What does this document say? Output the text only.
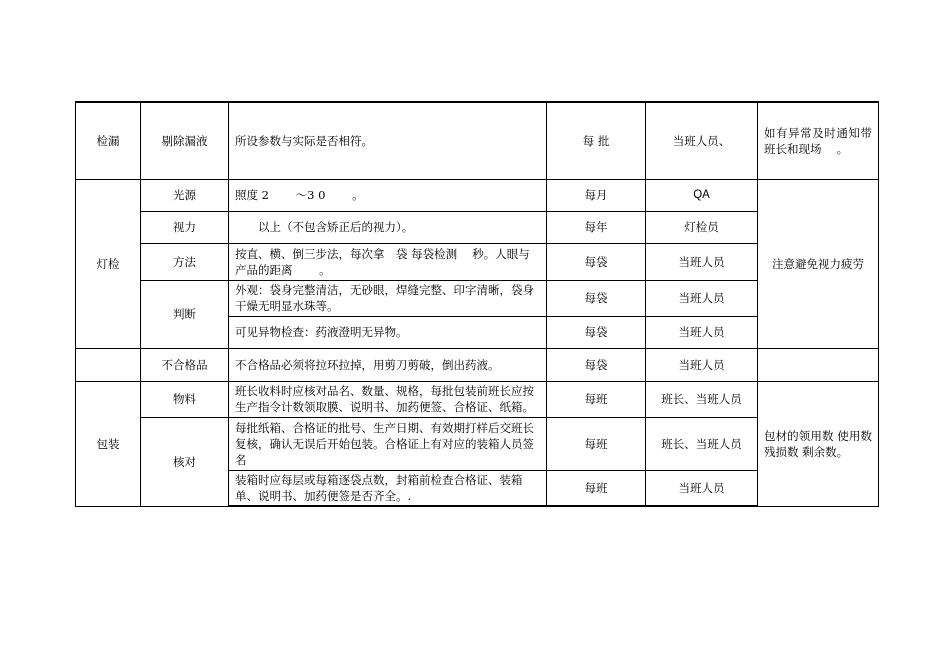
检漏	剔除漏液	所设参数与实际是否相符。	每 批	当班人员、	如有异常及时通知带班长和现场　 。
灯检	光源	照度 2　　 ～3 0　　 。	每月	QA	注意避免视力疲劳
	视力	　　以上（不包含矫正后的视力）。	每年	灯检员	
	方法	按直、横、倒三步法，每次拿　袋 每袋检测　 秒。人眼与产品的距离　　 。	每袋	当班人员	
	判断	外观：袋身完整清洁，无砂眼，焊缝完整、印字清晰，袋身干燥无明显水珠等。	每袋	当班人员	
		可见异物检查：药液澄明无异物。	每袋	当班人员	
	不合格品	不合格品必须将拉环拉掉，用剪刀剪破，倒出药液。	每袋	当班人员	
包装	物料	班长收料时应核对品名、数量、规格，每批包装前班长应按生产指令计数领取膜、说明书、加药便签、合格证、纸箱。	每班	班长、当班人员	包材的领用数 使用数 残损数 剩余数。
	核对	每批纸箱、合格证的批号、生产日期、有效期打样后交班长复核，确认无误后开始包装。合格证上有对应的装箱人员签名	每班	班长、当班人员	
		装箱时应每层或每箱逐袋点数，封箱前检查合格证、装箱单、说明书、加药便签是否齐全。.	每班	当班人员	
